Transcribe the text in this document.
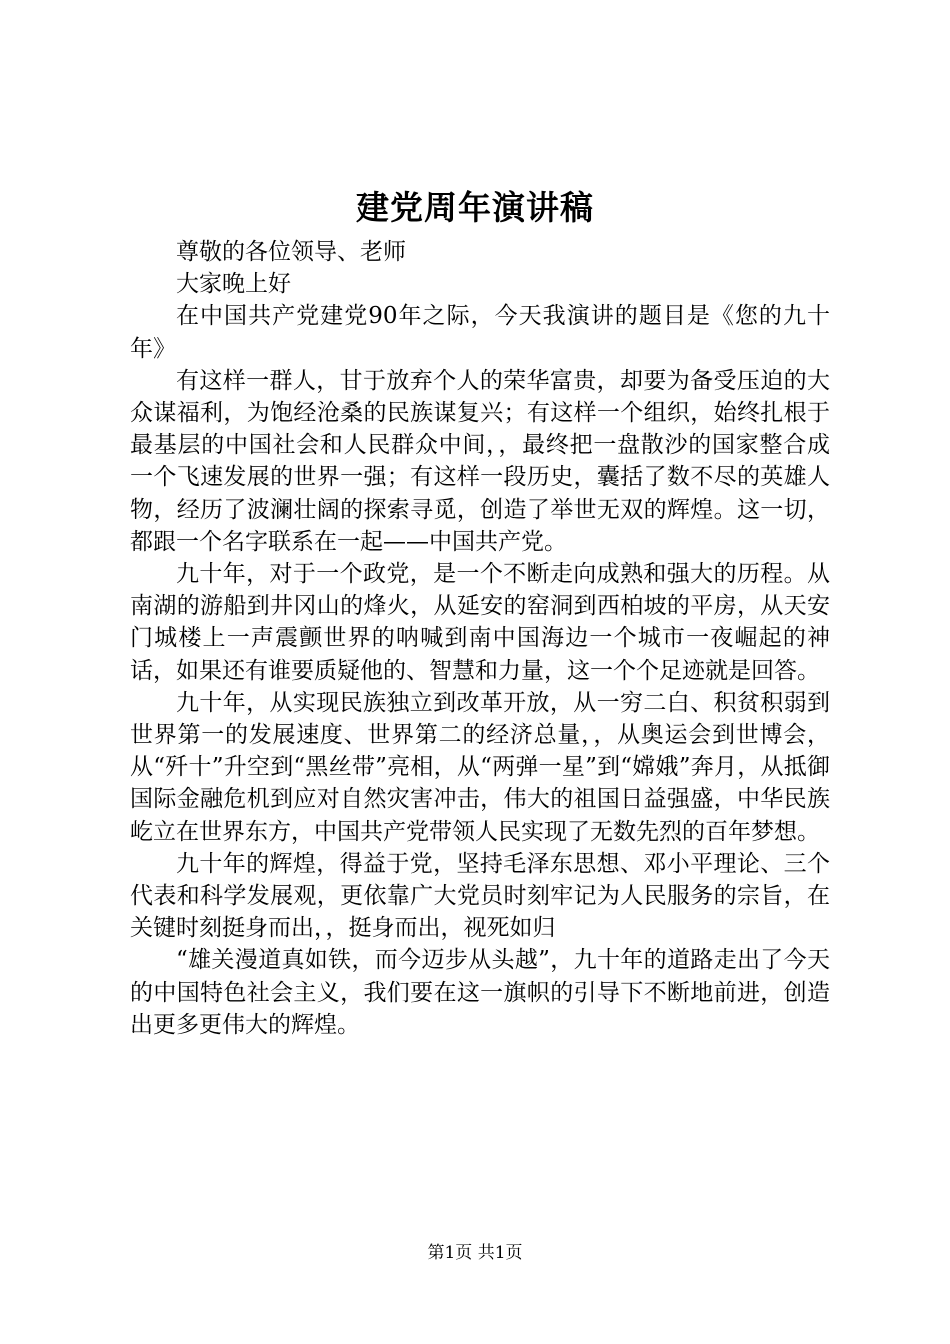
建党周年演讲稿

尊敬的各位领导、老师

大家晚上好

在中国共产党建党90年之际，今天我演讲的题目是《您的九十年》

有这样一群人，甘于放弃个人的荣华富贵，却要为备受压迫的大众谋福利，为饱经沧桑的民族谋复兴；有这样一个组织，始终扎根于最基层的中国社会和人民群众中间，，最终把一盘散沙的国家整合成一个飞速发展的世界一强；有这样一段历史，囊括了数不尽的英雄人物，经历了波澜壮阔的探索寻觅，创造了举世无双的辉煌。这一切，都跟一个名字联系在一起——中国共产党。

九十年，对于一个政党，是一个不断走向成熟和强大的历程。从南湖的游船到井冈山的烽火，从延安的窑洞到西柏坡的平房，从天安门城楼上一声震颤世界的呐喊到南中国海边一个城市一夜崛起的神话，如果还有谁要质疑他的、智慧和力量，这一个个足迹就是回答。

九十年，从实现民族独立到改革开放，从一穷二白、积贫积弱到世界第一的发展速度、世界第二的经济总量，，从奥运会到世博会，从“歼十”升空到“黑丝带”亮相，从“两弹一星”到“嫦娥”奔月，从抵御国际金融危机到应对自然灾害冲击，伟大的祖国日益强盛，中华民族屹立在世界东方，中国共产党带领人民实现了无数先烈的百年梦想。

九十年的辉煌，得益于党，坚持毛泽东思想、邓小平理论、三个代表和科学发展观，更依靠广大党员时刻牢记为人民服务的宗旨，在关键时刻挺身而出，，挺身而出，视死如归

“雄关漫道真如铁，而今迈步从头越”，九十年的道路走出了今天的中国特色社会主义，我们要在这一旗帜的引导下不断地前进，创造出更多更伟大的辉煌。

第1页 共1页
